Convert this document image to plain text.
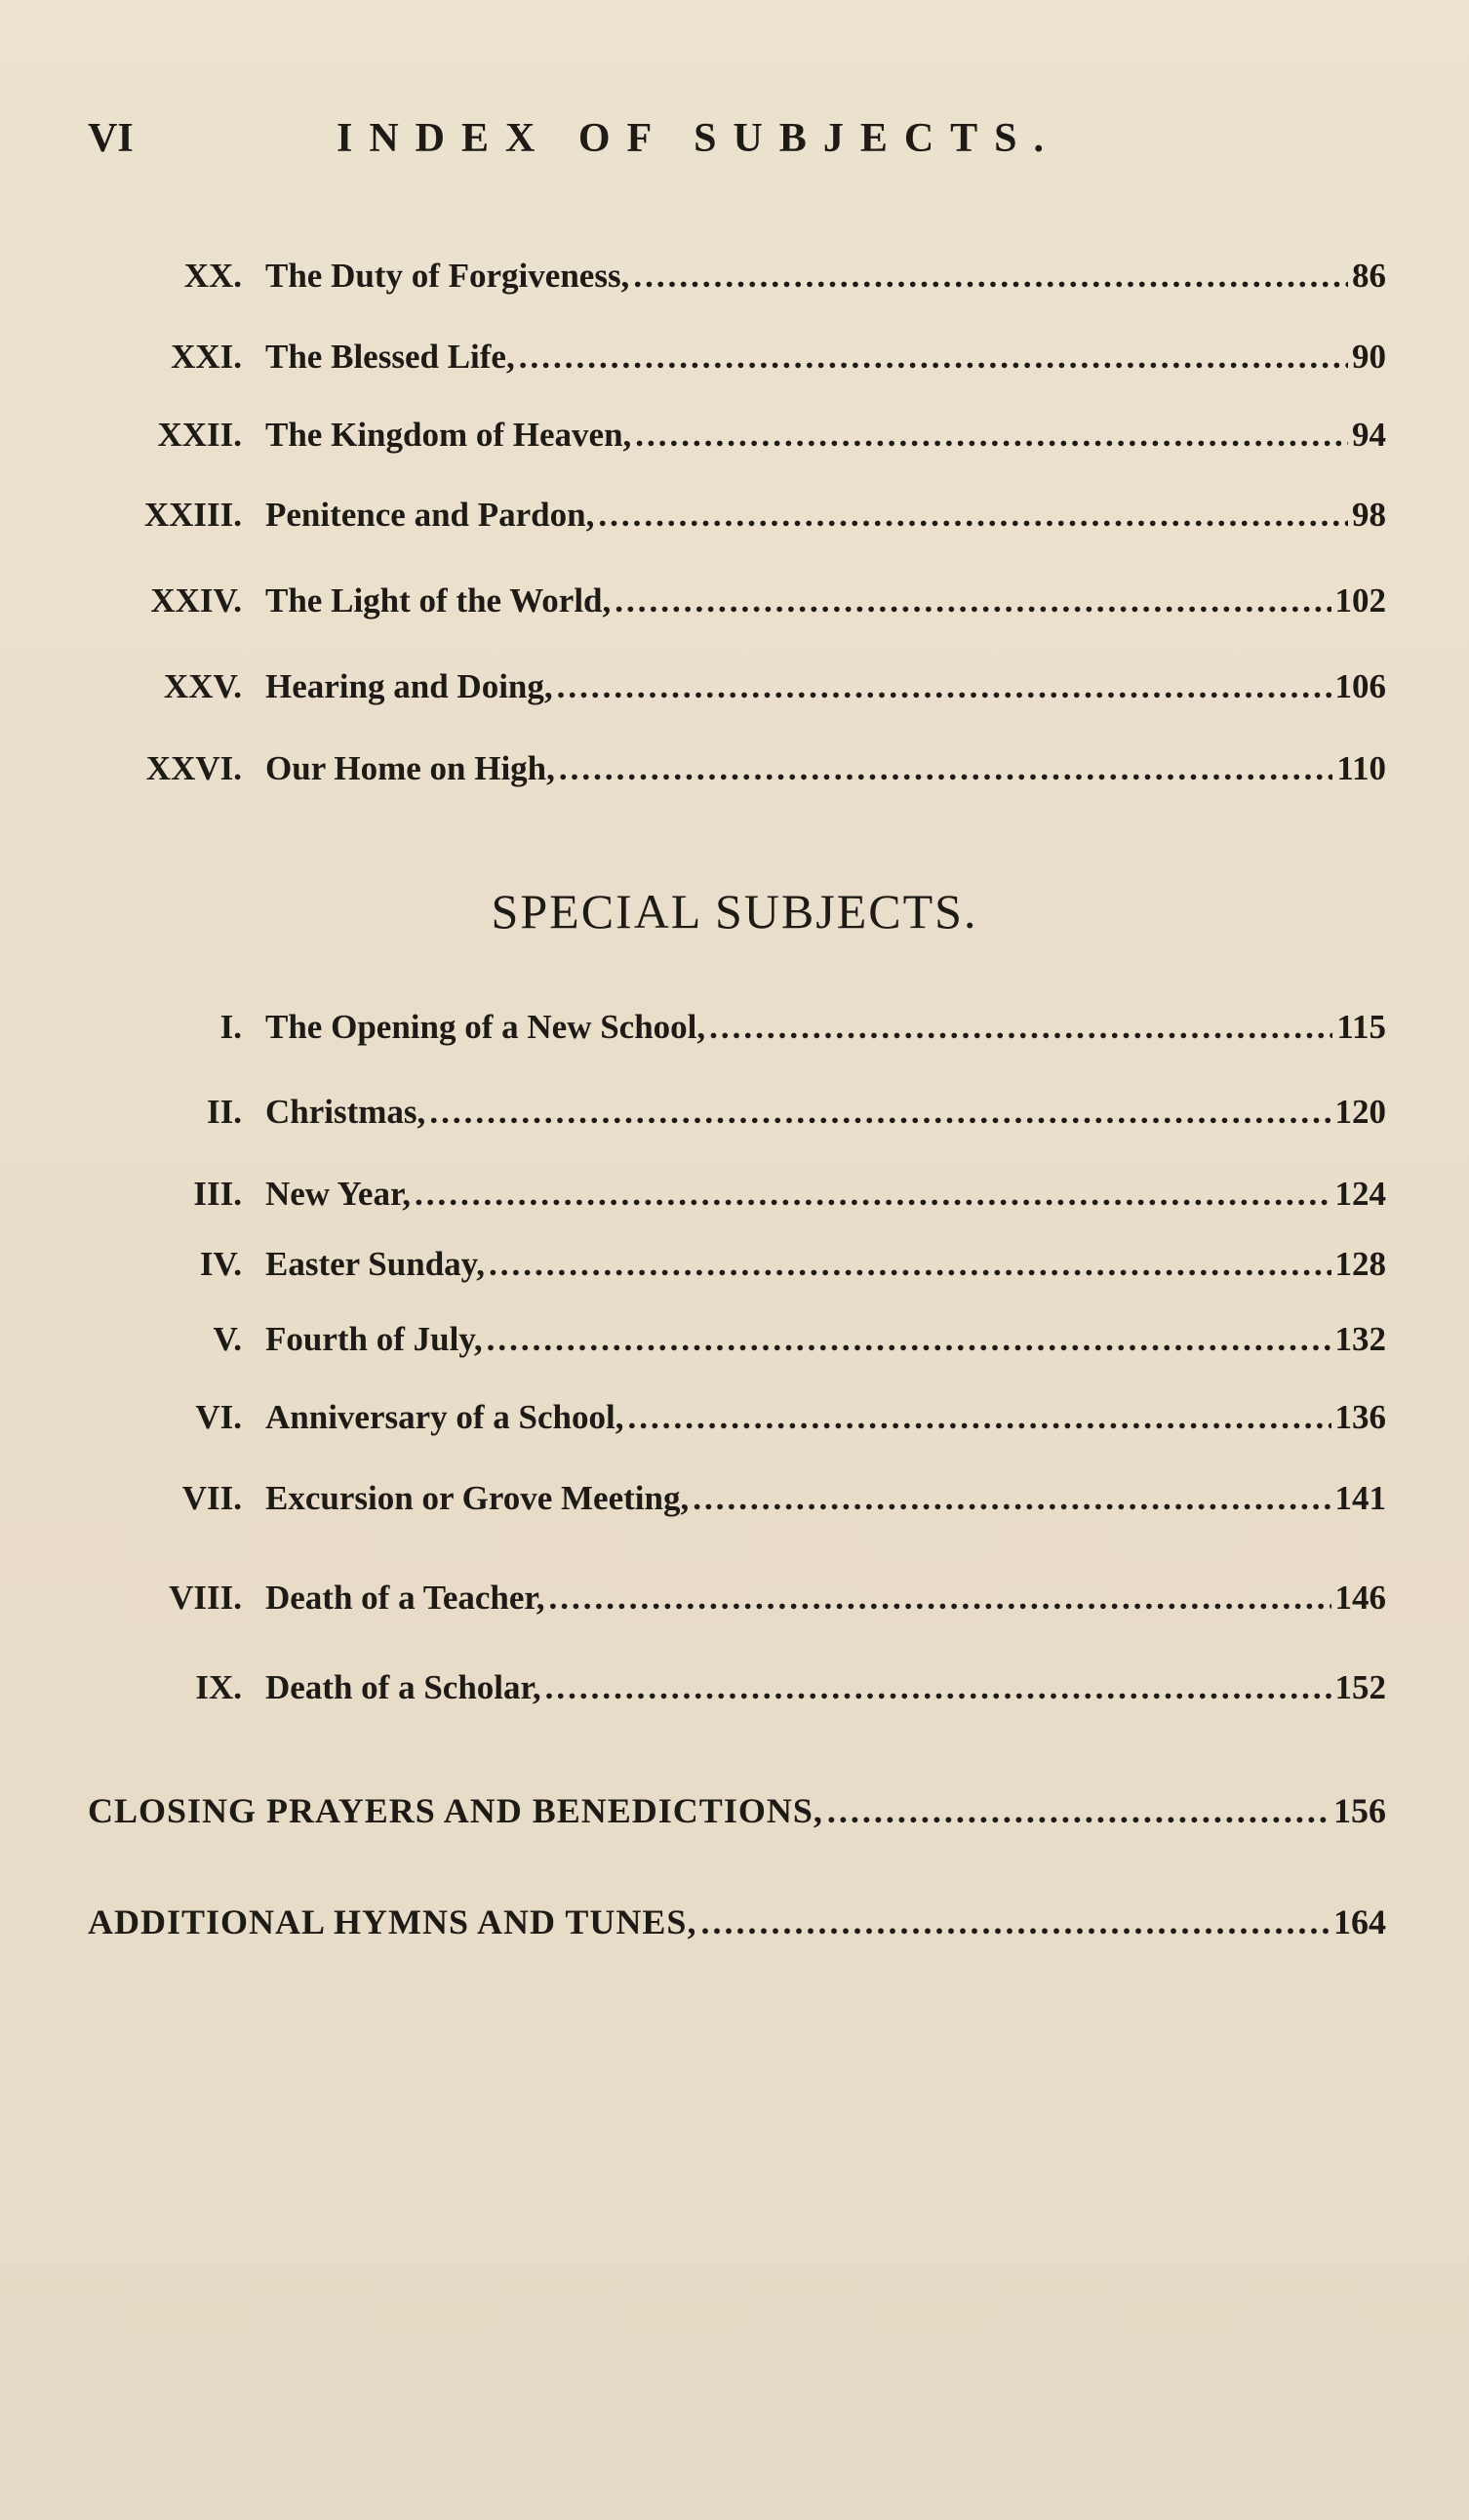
VI	INDEX OF SUBJECTS.
XX. The Duty of Forgiveness, .....	86
XXI. The Blessed Life, .....	90
XXII. The Kingdom of Heaven, .....	94
XXIII. Penitence and Pardon, .....	98
XXIV. The Light of the World, .....	102
XXV. Hearing and Doing, .....	106
XXVI. Our Home on High, .....	110
SPECIAL SUBJECTS.
I. The Opening of a New School, .....	115
II. Christmas, .....	120
III. New Year, .....	124
IV. Easter Sunday, .....	128
V. Fourth of July, .....	132
VI. Anniversary of a School, .....	136
VII. Excursion or Grove Meeting, .....	141
VIII. Death of a Teacher, .....	146
IX. Death of a Scholar, .....	152
CLOSING PRAYERS AND BENEDICTIONS, .....	156
ADDITIONAL HYMNS AND TUNES, .....	164
